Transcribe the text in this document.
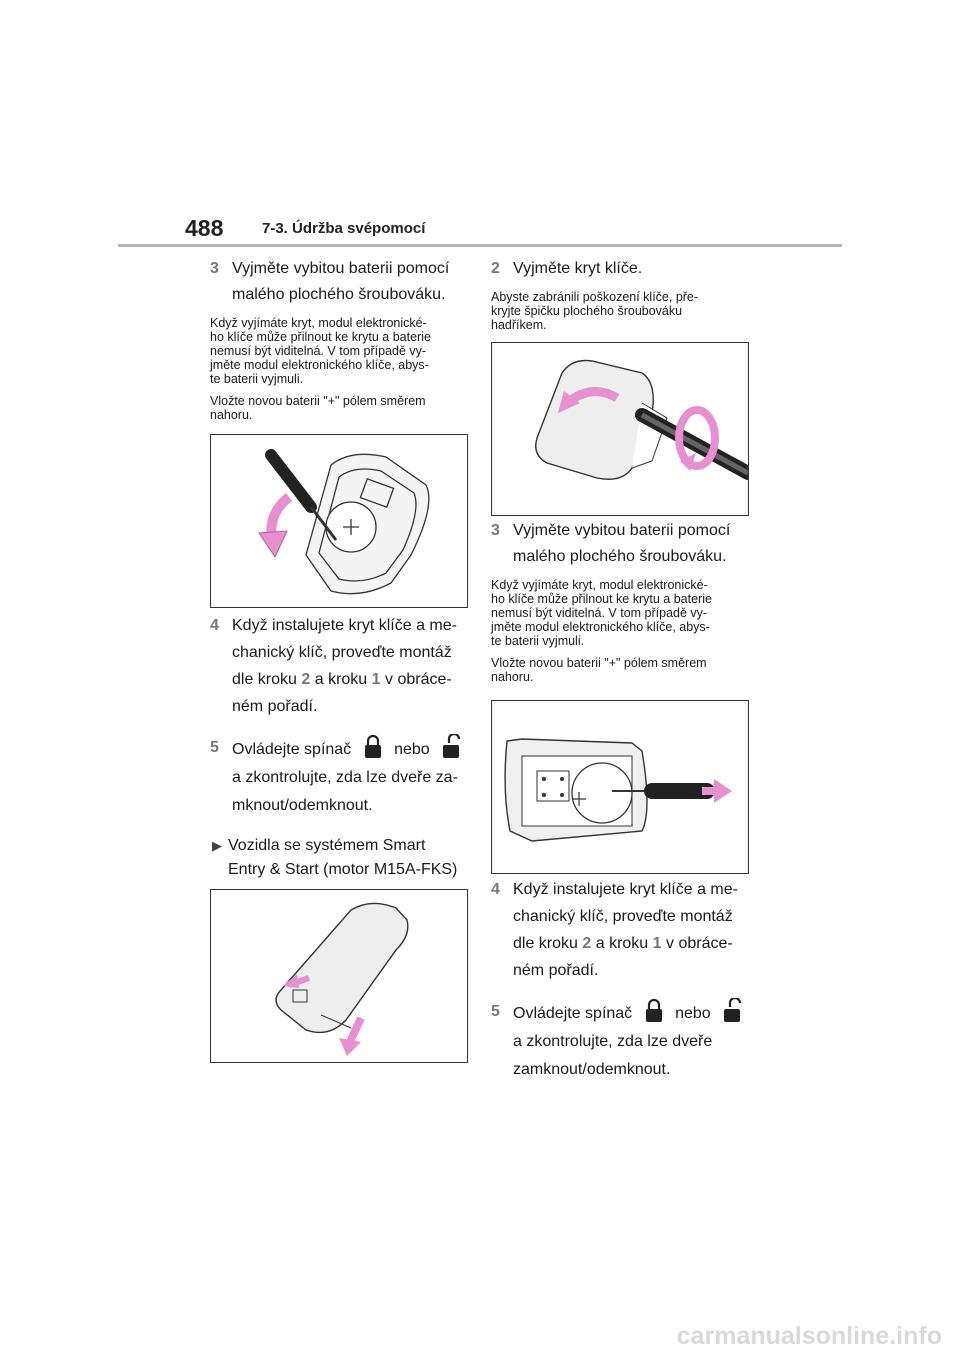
488	7-3. Údržba svépomocí

3 Vyjměte vybitou baterii pomocí
malého plochého šroubováku.

Když vyjímáte kryt, modul elektronické-
ho klíče může přilnout ke krytu a baterie
nemusí být viditelná. V tom případě vy-
jměte modul elektronického klíče, abys-
te baterii vyjmuli.

Vložte novou baterii "+" pólem směrem
nahoru.

4 Když instalujete kryt klíče a me-
chanický klíč, proveďte montáž
dle kroku 2 a kroku 1 v obráce-
ném pořadí.

5 Ovládejte spínač	nebo
a zkontrolujte, zda lze dveře za-
mknout/odemknout.

▶ Vozidla se systémem Smart
Entry & Start (motor M15A-FKS)

2 Vyjměte kryt klíče.

Abyste zabránili poškození klíče, pře-
kryjte špičku plochého šroubováku
hadříkem.

3 Vyjměte vybitou baterii pomocí
malého plochého šroubováku.

Když vyjímáte kryt, modul elektronické-
ho klíče může přilnout ke krytu a baterie
nemusí být viditelná. V tom případě vy-
jměte modul elektronického klíče, abys-
te baterii vyjmuli.

Vložte novou baterii "+" pólem směrem
nahoru.

4 Když instalujete kryt klíče a me-
chanický klíč, proveďte montáž
dle kroku 2 a kroku 1 v obráce-
ném pořadí.

5 Ovládejte spínač	nebo
a zkontrolujte, zda lze dveře
zamknout/odemknout.

carmanualsonline.info
